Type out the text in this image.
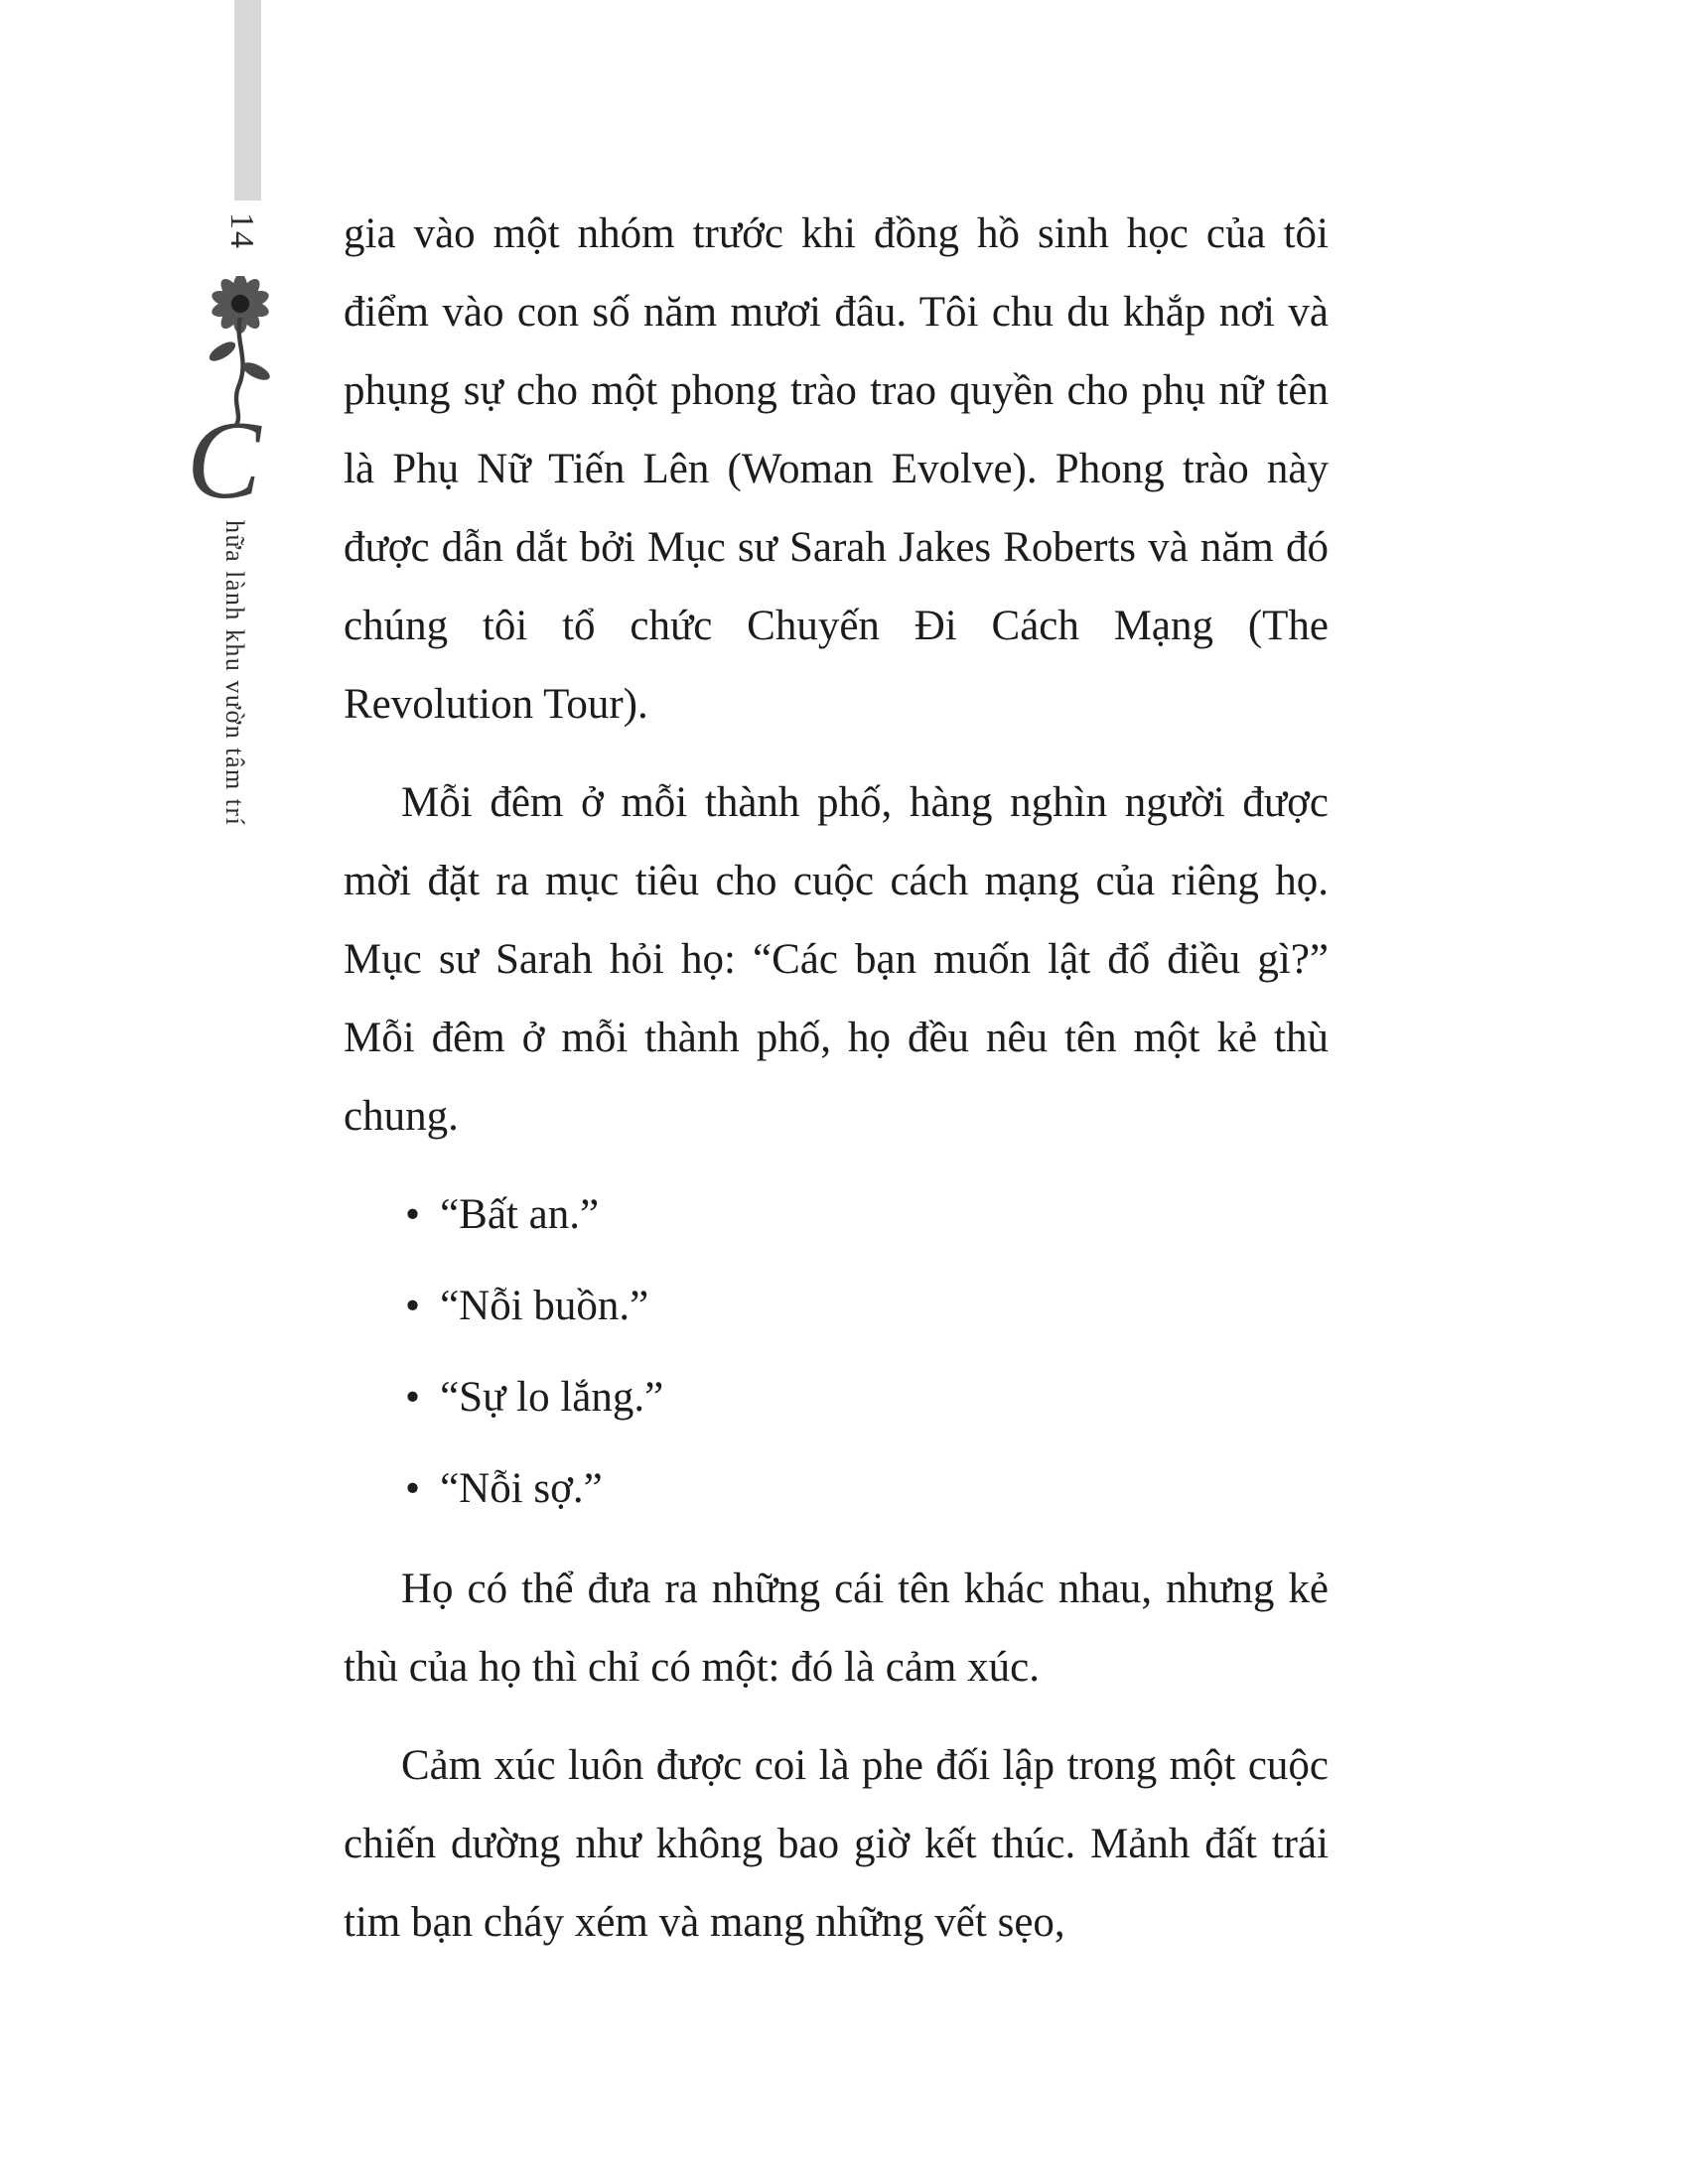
14
C
hữa lành khu vườn tâm trí

gia vào một nhóm trước khi đồng hồ sinh học của tôi điểm vào con số năm mươi đâu. Tôi chu du khắp nơi và phụng sự cho một phong trào trao quyền cho phụ nữ tên là Phụ Nữ Tiến Lên (Woman Evolve). Phong trào này được dẫn dắt bởi Mục sư Sarah Jakes Roberts và năm đó chúng tôi tổ chức Chuyến Đi Cách Mạng (The Revolution Tour).

Mỗi đêm ở mỗi thành phố, hàng nghìn người được mời đặt ra mục tiêu cho cuộc cách mạng của riêng họ. Mục sư Sarah hỏi họ: “Các bạn muốn lật đổ điều gì?” Mỗi đêm ở mỗi thành phố, họ đều nêu tên một kẻ thù chung.

• “Bất an.”
• “Nỗi buồn.”
• “Sự lo lắng.”
• “Nỗi sợ.”

Họ có thể đưa ra những cái tên khác nhau, nhưng kẻ thù của họ thì chỉ có một: đó là cảm xúc.

Cảm xúc luôn được coi là phe đối lập trong một cuộc chiến dường như không bao giờ kết thúc. Mảnh đất trái tim bạn cháy xém và mang những vết sẹo,
